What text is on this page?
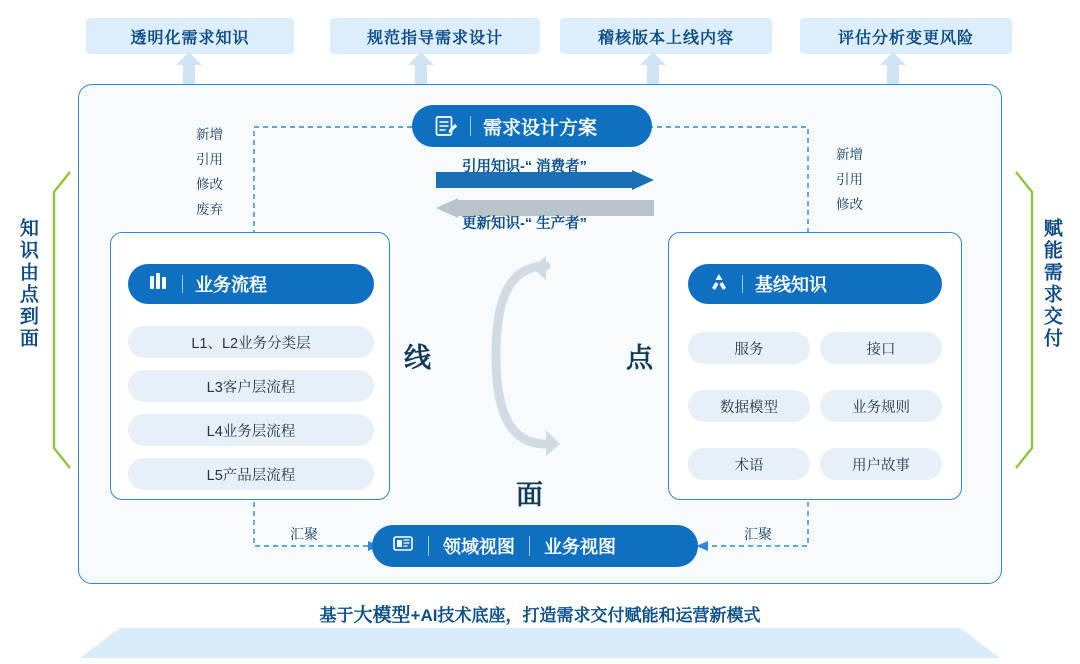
透明化需求知识	规范指导需求设计	稽核版本上线内容	评估分析变更风险
知识由点到面	赋能需求交付
需求设计方案
新增
引用
修改
废弃
新增
引用
修改
引用知识-“ 消费者”
更新知识-“ 生产者”
线	点
面
业务流程
L1、L2业务分类层
L3客户层流程
L4业务层流程
L5产品层流程
基线知识
服务	接口
数据模型	业务规则
术语	用户故事
汇聚	汇聚
领域视图 业务视图
基于大模型+AI技术底座，打造需求交付赋能和运营新模式
